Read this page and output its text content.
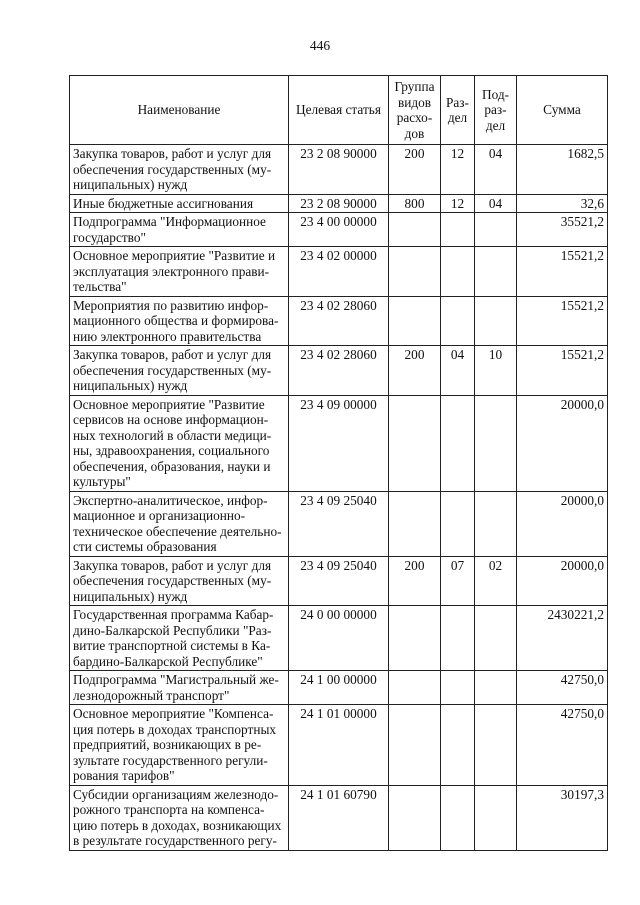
446
Наименование	Целевая статья	Группа видов расхо-дов	Раз-дел	Под-раз-дел	Сумма
Закупка товаров, работ и услуг для обеспечения государственных (му-ниципальных) нужд	23 2 08 90000	200	12	04	1682,5
Иные бюджетные ассигнования	23 2 08 90000	800	12	04	32,6
Подпрограмма "Информационное государство"	23 4 00 00000				35521,2
Основное мероприятие "Развитие и эксплуатация электронного прави-тельства"	23 4 02 00000				15521,2
Мероприятия по развитию инфор-мационного общества и формирова-нию электронного правительства	23 4 02 28060				15521,2
Закупка товаров, работ и услуг для обеспечения государственных (му-ниципальных) нужд	23 4 02 28060	200	04	10	15521,2
Основное мероприятие "Развитие сервисов на основе информацион-ных технологий в области медици-ны, здравоохранения, социального обеспечения, образования, науки и культуры"	23 4 09 00000				20000,0
Экспертно-аналитическое, инфор-мационное и организационно-техническое обеспечение деятельно-сти системы образования	23 4 09 25040				20000,0
Закупка товаров, работ и услуг для обеспечения государственных (му-ниципальных) нужд	23 4 09 25040	200	07	02	20000,0
Государственная программа Кабар-дино-Балкарской Республики "Раз-витие транспортной системы в Ка-бардино-Балкарской Республике"	24 0 00 00000				2430221,2
Подпрограмма "Магистральный же-лезнодорожный транспорт"	24 1 00 00000				42750,0
Основное мероприятие "Компенса-ция потерь в доходах транспортных предприятий, возникающих в ре-зультате государственного регули-рования тарифов"	24 1 01 00000				42750,0
Субсидии организациям железнодо-рожного транспорта на компенса-цию потерь в доходах, возникающих в результате государственного регу-	24 1 01 60790				30197,3
